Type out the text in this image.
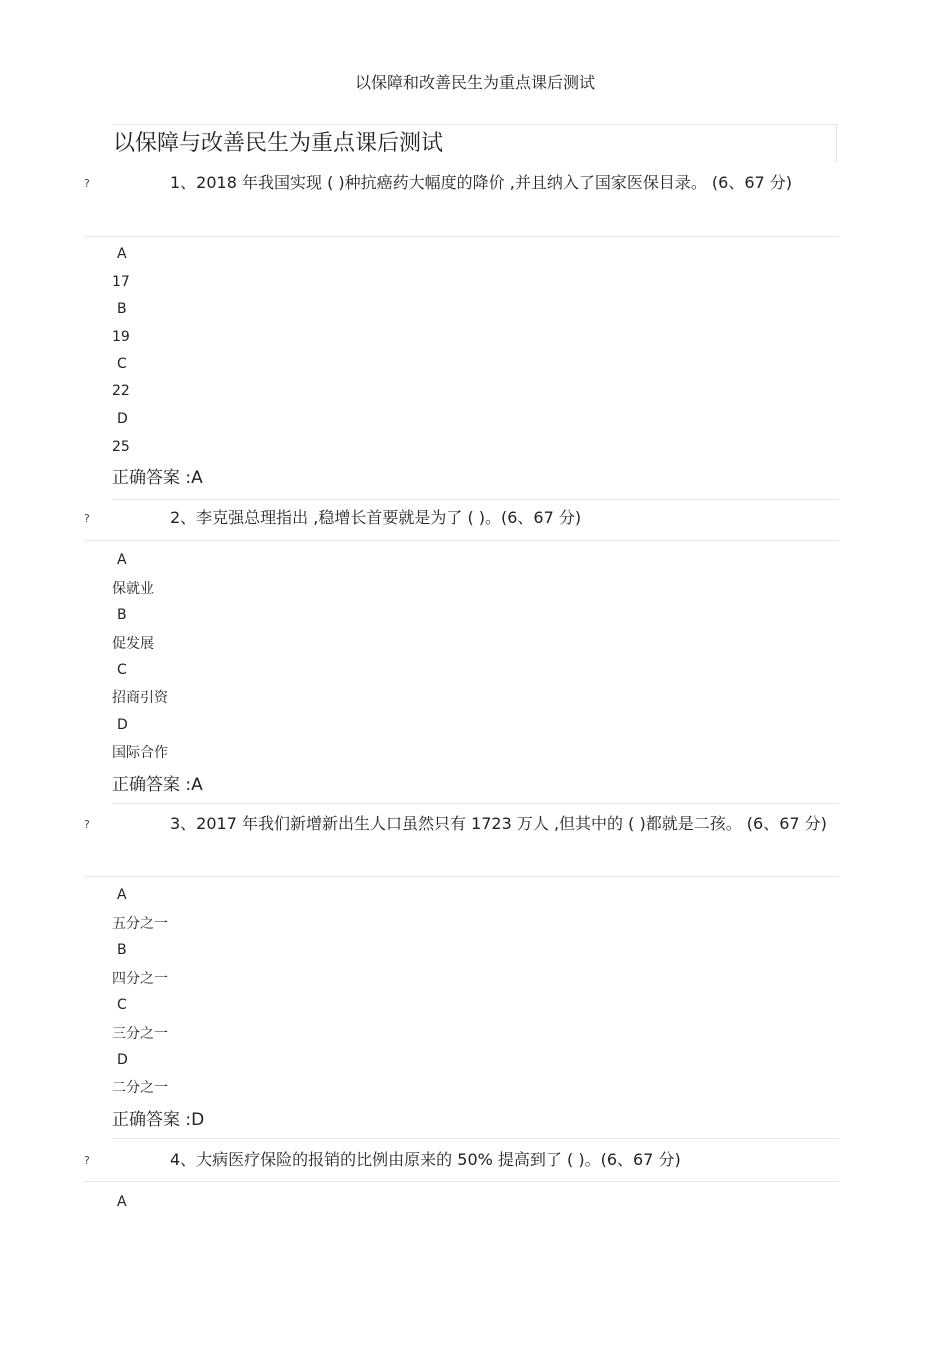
以保障和改善民生为重点课后测试
以保障与改善民生为重点课后测试
?	1、2018 年我国实现 ( )种抗癌药大幅度的降价 ,并且纳入了国家医保目录。 (6、67 分)
A
17
B
19
C
22
D
25
正确答案 :A
?	2、李克强总理指出 ,稳增长首要就是为了 ( )。(6、67 分)
A
保就业
B
促发展
C
招商引资
D
国际合作
正确答案 :A
?	3、2017 年我们新增新出生人口虽然只有 1723 万人 ,但其中的 ( )都就是二孩。 (6、67 分)
A
五分之一
B
四分之一
C
三分之一
D
二分之一
正确答案 :D
?	4、大病医疗保险的报销的比例由原来的 50% 提高到了 ( )。(6、67 分)
A
